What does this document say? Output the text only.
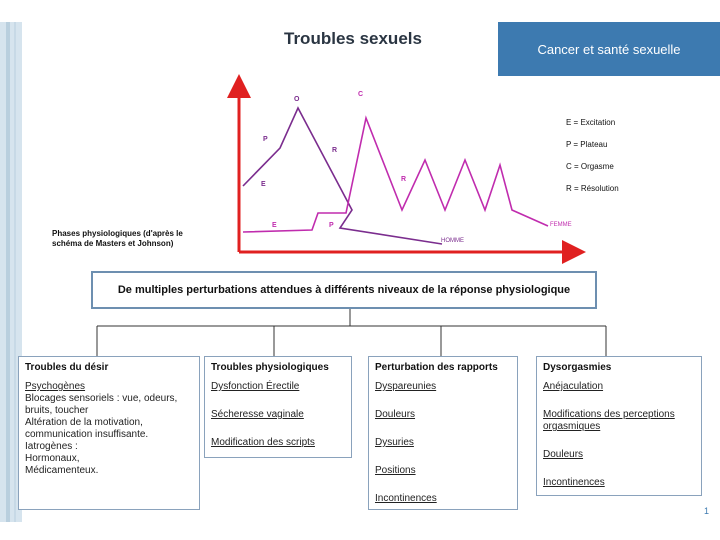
Troubles sexuels
Cancer et santé sexuelle
O
C
P
R
R
E
E	P
HOMME
FEMME
Phases physiologiques (d'après le schéma de Masters et Johnson)
E = Excitation
P = Plateau
C = Orgasme
R = Résolution
De multiples perturbations attendues à différents niveaux de la réponse physiologique
Troubles du désir
Psychogènes
Blocages sensoriels : vue, odeurs, bruits, toucher
Altération de la motivation, communication insuffisante.
Iatrogènes :
Hormonaux,
Médicamenteux.
Troubles physiologiques
Dysfonction Érectile
Sécheresse vaginale
Modification des scripts
Perturbation des rapports
Dyspareunies
Douleurs
Dysuries
Positions
Incontinences
Dysorgasmies
Anéjaculation
Modifications des perceptions orgasmiques
Douleurs
Incontinences
1
